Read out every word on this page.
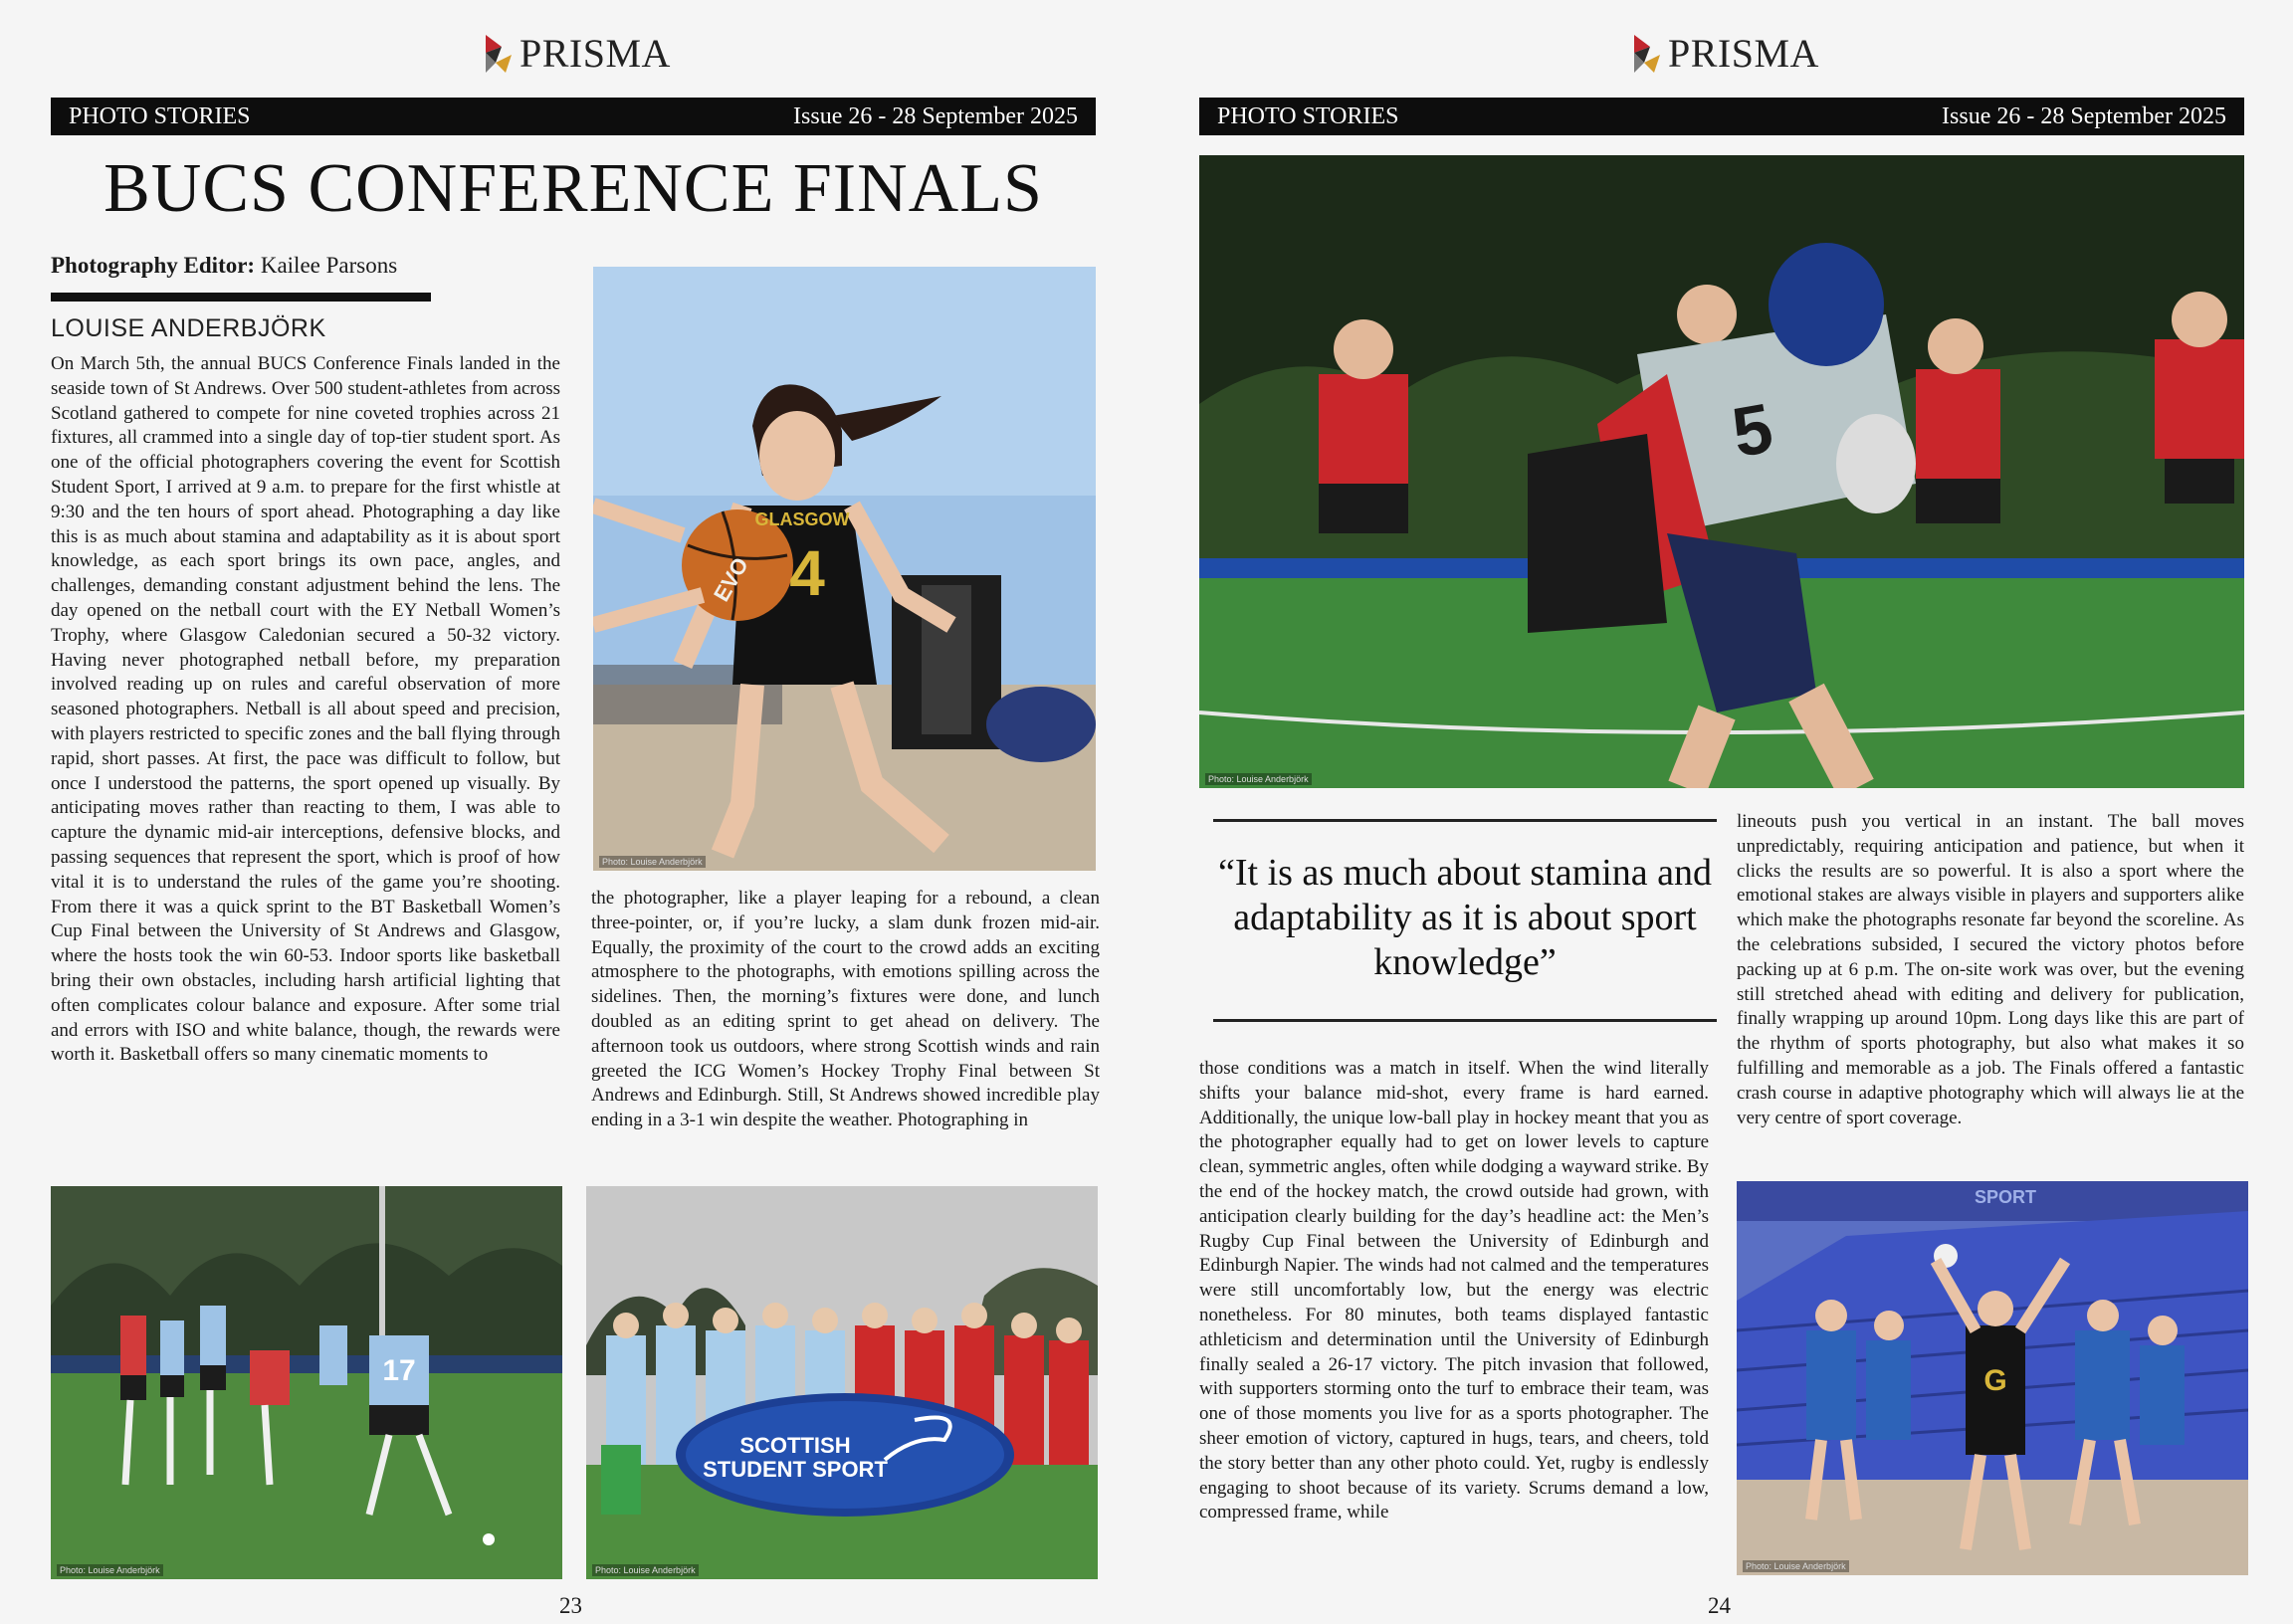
PRISMA
PHOTO STORIES	Issue 26 - 28 September 2025
BUCS CONFERENCE FINALS
Photography Editor: Kailee Parsons
LOUISE ANDERBJÖRK

On March 5th, the annual BUCS Conference Finals landed in the seaside town of St Andrews. Over 500 student-athletes from across Scotland gathered to compete for nine coveted trophies across 21 fixtures, all crammed into a single day of top-tier student sport. As one of the official photographers covering the event for Scottish Student Sport, I arrived at 9 a.m. to prepare for the first whistle at 9:30 and the ten hours of sport ahead. Photographing a day like this is as much about stamina and adaptability as it is about sport knowledge, as each sport brings its own pace, angles, and challenges, demanding constant adjustment behind the lens. The day opened on the netball court with the EY Netball Women’s Trophy, where Glasgow Caledonian secured a 50-32 victory. Having never photographed netball before, my preparation involved reading up on rules and careful observation of more seasoned photographers. Netball is all about speed and precision, with players restricted to specific zones and the ball flying through rapid, short passes. At first, the pace was difficult to follow, but once I understood the patterns, the sport opened up visually. By anticipating moves rather than reacting to them, I was able to capture the dynamic mid-air interceptions, defensive blocks, and passing sequences that represent the sport, which is proof of how vital it is to understand the rules of the game you’re shooting. From there it was a quick sprint to the BT Basketball Women’s Cup Final between the University of St Andrews and Glasgow, where the hosts took the win 60-53. Indoor sports like basketball bring their own obstacles, including harsh artificial lighting that often complicates colour balance and exposure. After some trial and errors with ISO and white balance, though, the rewards were worth it. Basketball offers so many cinematic moments to

EVO
GLASGOW
4
Photo: Louise Anderbjörk

the photographer, like a player leaping for a rebound, a clean three-pointer, or, if you’re lucky, a slam dunk frozen mid-air. Equally, the proximity of the court to the crowd adds an exciting atmosphere to the photographs, with emotions spilling across the sidelines. Then, the morning’s fixtures were done, and lunch doubled as an editing sprint to get ahead on delivery. The afternoon took us outdoors, where strong Scottish winds and rain greeted the ICG Women’s Hockey Trophy Final between St Andrews and Edinburgh. Still, St Andrews showed incredible play ending in a 3-1 win despite the weather. Photographing in

17
Photo: Louise Anderbjörk
SCOTTISH
STUDENT SPORT
Photo: Louise Anderbjörk
23
PRISMA
PHOTO STORIES	Issue 26 - 28 September 2025
5
Photo: Louise Anderbjörk
“It is as much about stamina and adaptability as it is about sport knowledge”

those conditions was a match in itself. When the wind literally shifts your balance mid-shot, every frame is hard earned. Additionally, the unique low-ball play in hockey meant that you as the photographer equally had to get on lower levels to capture clean, symmetric angles, often while dodging a wayward strike. By the end of the hockey match, the crowd outside had grown, with anticipation clearly building for the day’s headline act: the Men’s Rugby Cup Final between the University of Edinburgh and Edinburgh Napier. The winds had not calmed and the temperatures were still uncomfortably low, but the energy was electric nonetheless. For 80 minutes, both teams displayed fantastic athleticism and determination until the University of Edinburgh finally sealed a 26-17 victory. The pitch invasion that followed, with supporters storming onto the turf to embrace their team, was one of those moments you live for as a sports photographer. The sheer emotion of victory, captured in hugs, tears, and cheers, told the story better than any other photo could. Yet, rugby is endlessly engaging to shoot because of its variety. Scrums demand a low, compressed frame, while

lineouts push you vertical in an instant. The ball moves unpredictably, requiring anticipation and patience, but when it clicks the results are so powerful. It is also a sport where the emotional stakes are always visible in players and supporters alike which make the photographs resonate far beyond the scoreline. As the celebrations subsided, I secured the victory photos before packing up at 6 p.m. The on-site work was over, but the evening still stretched ahead with editing and delivery for publication, finally wrapping up around 10pm. Long days like this are part of the rhythm of sports photography, but also what makes it so fulfilling and memorable as a job. The Finals offered a fantastic crash course in adaptive photography which will always lie at the very centre of sport coverage.

G
SPORT
Photo: Louise Anderbjörk
24
